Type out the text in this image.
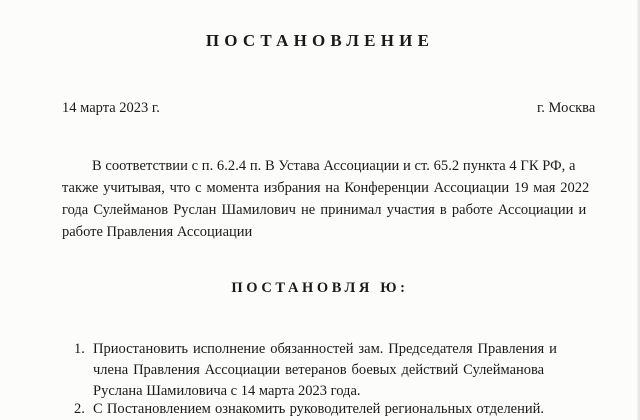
ПОСТАНОВЛЕНИЕ
14 марта 2023 г.	г. Москва
В соответствии с п. 6.2.4 п. В Устава Ассоциации и ст. 65.2 пункта 4 ГК РФ, а
также учитывая, что с момента избрания на Конференции Ассоциации 19 мая 2022
года Сулейманов Руслан Шамилович не принимал участия в работе Ассоциации и
работе Правления Ассоциации
ПОСТАНОВЛЯ Ю:
1. Приостановить исполнение обязанностей зам. Председателя Правления и
члена Правления Ассоциации ветеранов боевых действий Сулейманова
Руслана Шамиловича с 14 марта 2023 года.
2. С Постановлением ознакомить руководителей региональных отделений.
